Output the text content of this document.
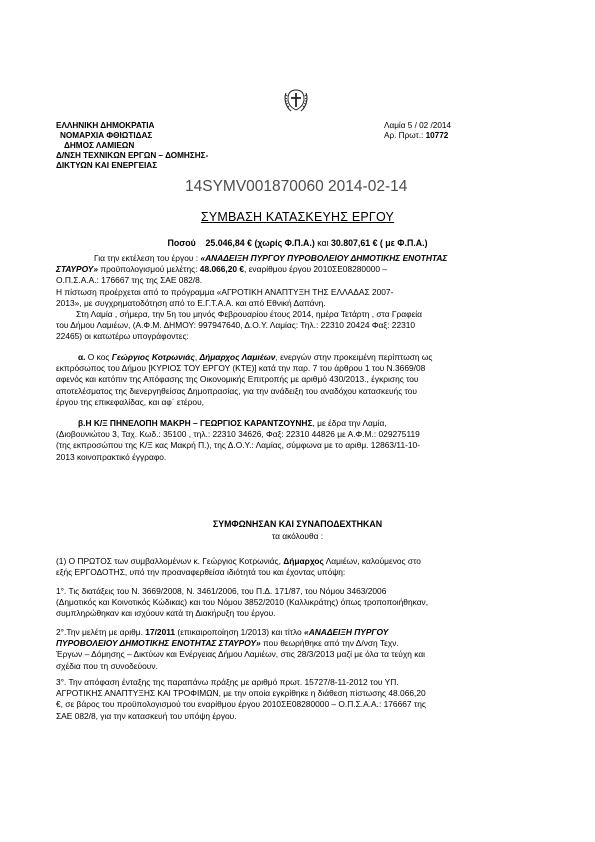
ΕΛΛΗΝΙΚΗ ΔΗΜΟΚΡΑΤΙΑ
ΝΟΜΑΡΧΙΑ ΦΘΙΩΤΙΔΑΣ
ΔΗΜΟΣ ΛΑΜΙΕΩΝ
Δ/ΝΣΗ ΤΕΧΝΙΚΩΝ ΕΡΓΩΝ – ΔΟΜΗΣΗΣ-
ΔΙΚΤΥΩΝ ΚΑΙ ΕΝΕΡΓΕΙΑΣ
Λαμία 5 / 02 /2014
Αρ. Πρωτ.: 10772
14SYMV001870060 2014-02-14
ΣΥΜΒΑΣΗ ΚΑΤΑΣΚΕΥΗΣ ΕΡΓΟΥ
Ποσού 25.046,84 € (χωρίς Φ.Π.Α.) και 30.807,61 € ( με Φ.Π.Α.)
Για την εκτέλεση του έργου : «ΑΝΑΔΕΙΞΗ ΠΥΡΓΟΥ ΠΥΡΟΒΟΛΕΙΟΥ ΔΗΜΟΤΙΚΗΣ ΕΝΟΤΗΤΑΣ
ΣΤΑΥΡΟΥ» προϋπολογισμού μελέτης: 48.066,20 €, εναρίθμου έργου 2010ΣΕ08280000 –
Ο.Π.Σ.Α.Α.: 176667 της της ΣΑΕ 082/8.
Η πίστωση προέρχεται από το πρόγραμμα «ΑΓΡΟΤΙΚΗ ΑΝΑΠΤΥΞΗ ΤΗΣ ΕΛΛΑΔΑΣ 2007-
2013», με συγχρηματοδότηση από το Ε.Γ.Τ.Α.Α. και από Εθνική Δαπάνη.
Στη Λαμία , σήμερα, την 5η του μηνός Φεβρουαρίου έτους 2014, ημέρα Τετάρτη , στα Γραφεία
του Δήμου Λαμιέων, (Α.Φ.Μ. ΔΗΜΟΥ: 997947640, Δ.Ο.Υ. Λαμίας: Τηλ.: 22310 20424 Φαξ: 22310
22465) οι κατωτέρω υπογράφοντες:
α. Ο κος Γεώργιος Κοτρωνιάς, Δήμαρχος Λαμιέων, ενεργών στην προκειμένη περίπτωση ως
εκπρόσωπος του Δήμου [ΚΥΡΙΟΣ ΤΟΥ ΕΡΓΟΥ (ΚΤΕ)] κατά την παρ. 7 του άρθρου 1 του Ν.3669/08
αφενός και κατόπιν της Απόφασης της Οικονομικής Επιτροπής με αριθμό 430/2013., έγκρισης του
αποτελέσματος της διενεργηθείσας Δημοπρασίας, για την ανάδειξη του αναδόχου κατασκευής του
έργου της επικεφαλίδας, και αφ΄ ετέρου,
β.Η Κ/Ξ ΠΗΝΕΛΟΠΗ ΜΑΚΡΗ – ΓΕΩΡΓΙΟΣ ΚΑΡΑΝΤΖΟΥΝΗΣ, με έδρα την Λαμία,
(Διοβουνιώτου 3, Ταχ. Κωδ.: 35100 , τηλ.: 22310 34626, Φαξ: 22310 44826 με Α.Φ.Μ.: 029275119
(της εκπροσώπου της Κ/Ξ κας Μακρή Π.), της Δ.Ο.Υ.: Λαμίας, σύμφωνα με το αριθμ. 12863/11-10-
2013 κοινοπρακτικό έγγραφο.
(1) Ο ΠΡΩΤΟΣ των συμβαλλομένων κ. Γεώργιος Κοτρωνιάς, Δήμαρχος Λαμιέων, καλούμενος στο
εξής ΕΡΓΟΔΟΤΗΣ, υπό την προαναφερθείσα ιδιότητά του και έχοντας υπόψη:
1°. Τις διατάξεις του Ν. 3669/2008, Ν. 3461/2006, του Π.Δ. 171/87, του Νόμου 3463/2006
(Δημοτικός και Κοινοτικός Κώδικας) και του Νόμου 3852/2010 (Καλλικράτης) όπως τροποποιήθηκαν,
συμπληρώθηκαν και ισχύουν κατά τη Διακήρυξη του έργου.
2°.Την μελέτη με αριθμ. 17/2011 (επικαιροποίηση 1/2013) και τίτλο «ΑΝΑΔΕΙΞΗ ΠΥΡΓΟΥ
ΠΥΡΟΒΟΛΕΙΟΥ ΔΗΜΟΤΙΚΗΣ ΕΝΟΤΗΤΑΣ ΣΤΑΥΡΟΥ» που θεωρήθηκε από την Δ/νση Τεχν.
Έργων – Δόμησης – Δικτύων και Ενέργειας Δήμου Λαμιέων, στις 28/3/2013 μαζί με όλα τα τεύχη και
σχέδια που τη συνοδεύουν.
3°. Την απόφαση ένταξης της παραπάνω πράξης με αριθμό πρωτ. 15727/8-11-2012 του ΥΠ.
ΑΓΡΟΤΙΚΗΣ ΑΝΑΠΤΥΞΗΣ ΚΑΙ ΤΡΟΦΙΜΩΝ, με την οποία εγκρίθηκε η διάθεση πίστωσης 48.066,20
€, σε βάρος του προϋπολογισμού του εναρίθμου έργου 2010ΣΕ08280000 – Ο.Π.Σ.Α.Α.: 176667 της
ΣΑΕ 082/8, για την κατασκευή του υπόψη έργου.
ΣΥΜΦΩΝΗΣΑΝ ΚΑΙ ΣΥΝΑΠΟΔΕΧΤΗΚΑΝ
τα ακόλουθα :
